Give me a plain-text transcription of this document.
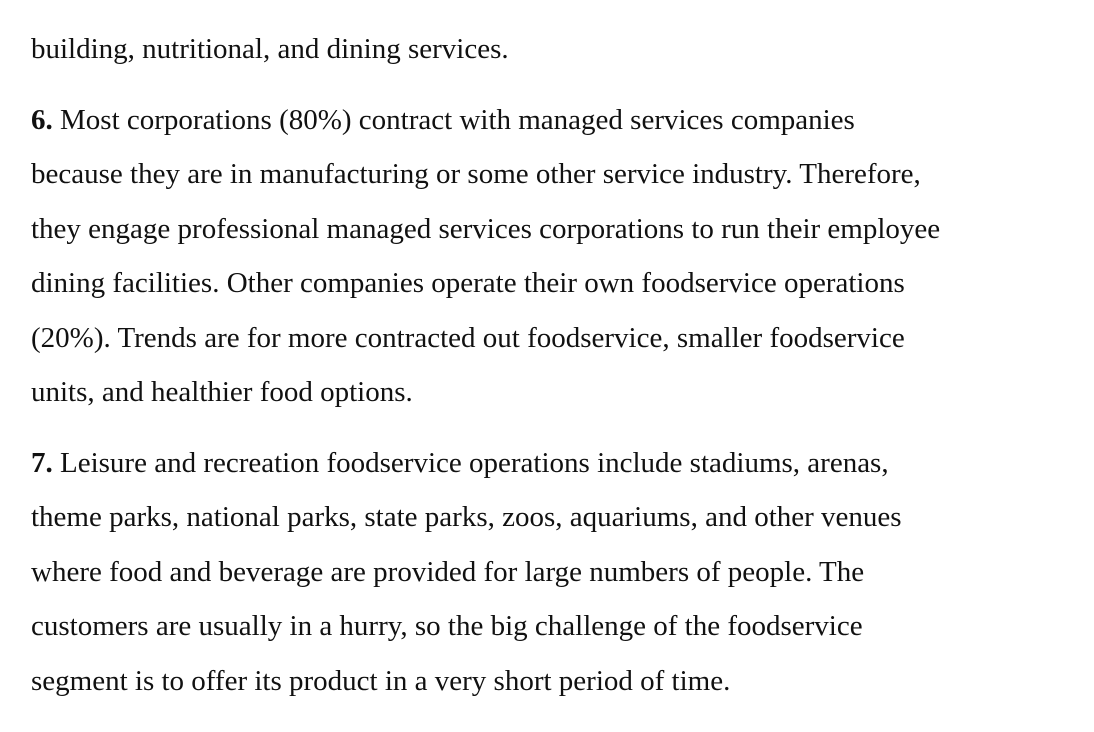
building, nutritional, and dining services.

6. Most corporations (80%) contract with managed services companies
because they are in manufacturing or some other service industry. Therefore,
they engage professional managed services corporations to run their employee
dining facilities. Other companies operate their own foodservice operations
(20%). Trends are for more contracted out foodservice, smaller foodservice
units, and healthier food options.

7. Leisure and recreation foodservice operations include stadiums, arenas,
theme parks, national parks, state parks, zoos, aquariums, and other venues
where food and beverage are provided for large numbers of people. The
customers are usually in a hurry, so the big challenge of the foodservice
segment is to offer its product in a very short period of time.
